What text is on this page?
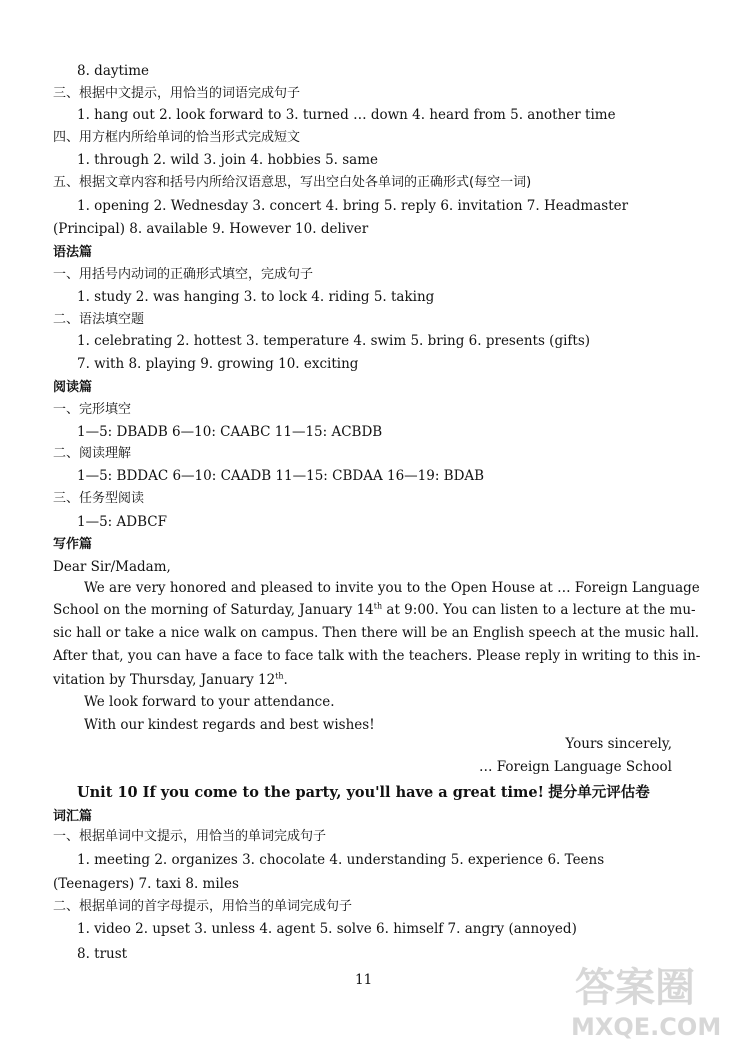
8. daytime
三、根据中文提示，用恰当的词语完成句子
1. hang out 2. look forward to 3. turned … down 4. heard from 5. another time
四、用方框内所给单词的恰当形式完成短文
1. through 2. wild 3. join 4. hobbies 5. same
五、根据文章内容和括号内所给汉语意思，写出空白处各单词的正确形式(每空一词)
1. opening 2. Wednesday 3. concert 4. bring 5. reply 6. invitation 7. Headmaster
(Principal) 8. available 9. However 10. deliver
语法篇
一、用括号内动词的正确形式填空，完成句子
1. study 2. was hanging 3. to lock 4. riding 5. taking
二、语法填空题
1. celebrating 2. hottest 3. temperature 4. swim 5. bring 6. presents (gifts)
7. with 8. playing 9. growing 10. exciting
阅读篇
一、完形填空
1—5: DBADB 6—10: CAABC 11—15: ACBDB
二、阅读理解
1—5: BDDAC 6—10: CAADB 11—15: CBDAA 16—19: BDAB
三、任务型阅读
1—5: ADBCF
写作篇
Dear Sir/Madam,
We are very honored and pleased to invite you to the Open House at … Foreign Language
School on the morning of Saturday, January 14th at 9:00. You can listen to a lecture at the mu-
sic hall or take a nice walk on campus. Then there will be an English speech at the music hall.
After that, you can have a face to face talk with the teachers. Please reply in writing to this in-
vitation by Thursday, January 12th.
We look forward to your attendance.
With our kindest regards and best wishes!
Yours sincerely,
… Foreign Language School
Unit 10 If you come to the party, you'll have a great time! 提分单元评估卷
词汇篇
一、根据单词中文提示，用恰当的单词完成句子
1. meeting 2. organizes 3. chocolate 4. understanding 5. experience 6. Teens
(Teenagers) 7. taxi 8. miles
二、根据单词的首字母提示，用恰当的单词完成句子
1. video 2. upset 3. unless 4. agent 5. solve 6. himself 7. angry (annoyed)
8. trust
11	答案圈
MXQE.COM
